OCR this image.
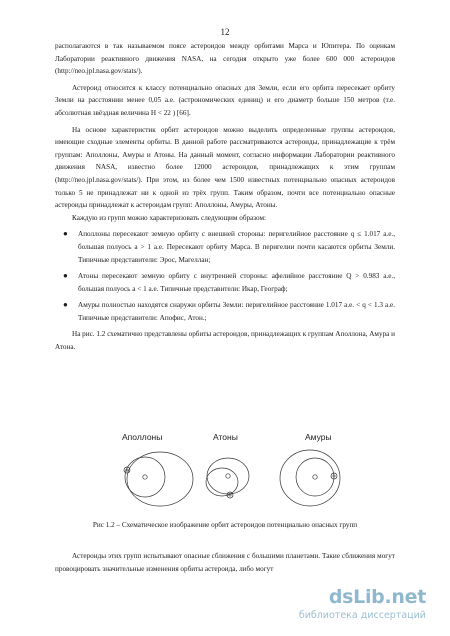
12

располагаются в так называемом поясе астероидов между орбитами Марса и Юпитера. По оценкам Лаборатории реактивного движения NASA, на сегодня открыто уже более 600 000 астероидов (http://neo.jpl.nasa.gov/stats/).

Астероид относится к классу потенциально опасных для Земли, если его орбита пересекает орбиту Земли на расстоянии менее 0,05 а.е. (астрономических единиц) и его диаметр больше 150 метров (т.е. абсолютная звёздная величина H < 22 ) [66].

На основе характеристик орбит астероидов можно выделить определенные группы астероидов, имеющие сходные элементы орбиты. В данной работе рассматриваются астероиды, принадлежащие к трём группам: Аполлоны, Амуры и Атоны. На данный момент, согласно информации Лаборатории реактивного движения NASA, известно более 12000 астероидов, принадлежащих к этим группам (http://neo.jpl.nasa.gov/stats/). При этом, из более чем 1500 известных потенциально опасных астероидов только 5 не принадлежат ни к одной из трёх групп. Таким образом, почти все потенциально опасные астероиды принадлежат к астероидам групп: Аполлоны, Амуры, Атоны.

Каждую из групп можно характеризовать следующим образом:

● Аполлоны пересекают земную орбиту с внешней стороны: перигелийное расстояние q ≤ 1.017 а.е., большая полуось a > 1 а.е. Пересекают орбиту Марса. В перигелии почти касаются орбиты Земли. Типичные представители: Эрос, Магеллан;
● Атоны пересекают земную орбиту с внутренней стороны: афелийное расстояние Q > 0.983 а.е., большая полуось a < 1 а.е. Типичные представители: Икар, Географ;
● Амуры полностью находятся снаружи орбиты Земли: перигелийное расстояние 1.017 а.е. < q < 1.3 а.е. Типичные представители: Апофис, Атон.;

На рис. 1.2 схематично представлены орбиты астероидов, принадлежащих к группам Аполлона, Амура и Атона.

Аполлоны	Атоны	Амуры
Рис 1.2 – Схематическое изображение орбит астероидов потенциально опасных групп

Астероиды этих групп испытывают опасные сближения с большими планетами. Такие сближения могут провоцировать значительные изменения орбиты астероида, либо могут

dsLib.net
библиотека диссертаций
